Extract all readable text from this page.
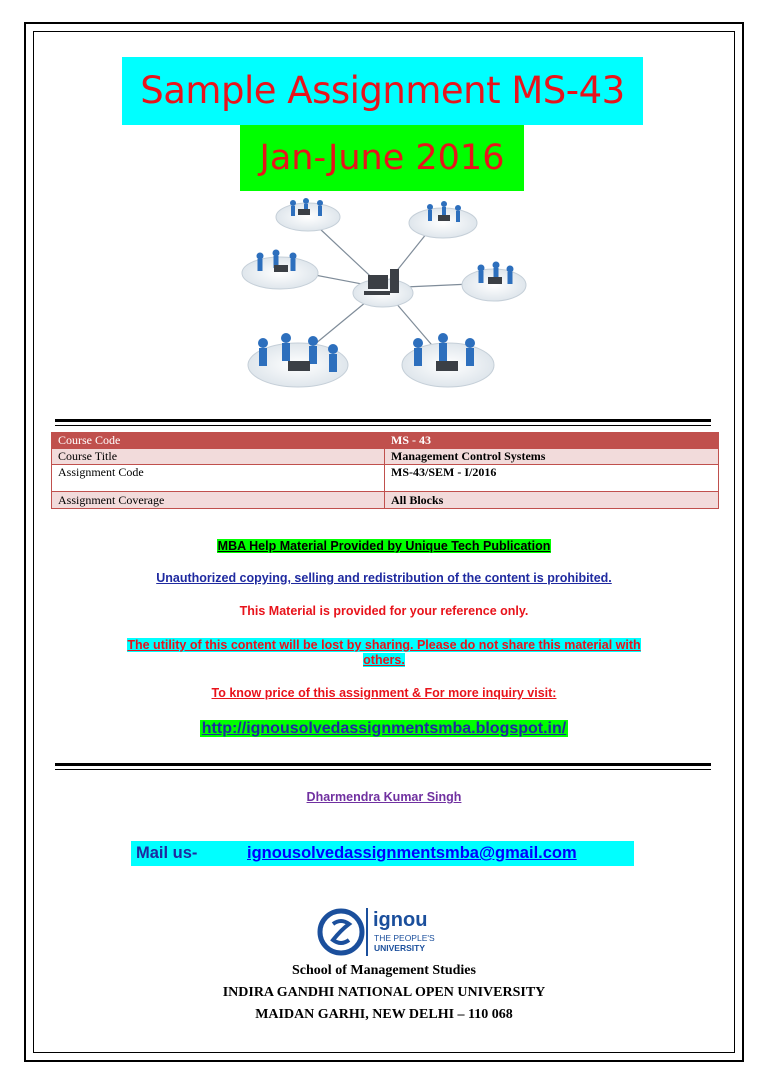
Sample Assignment MS-43
Jan-June 2016
Course Code	MS - 43
Course Title	Management Control Systems
Assignment Code	MS-43/SEM - I/2016
Assignment Coverage	All Blocks
MBA Help Material Provided by Unique Tech Publication
Unauthorized copying, selling and redistribution of the content is prohibited.
This Material is provided for your reference only.
The utility of this content will be lost by sharing. Please do not share this material with
others.
To know price of this assignment & For more inquiry visit:
http://ignousolvedassignmentsmba.blogspot.in/
Dharmendra Kumar Singh
Mail us-	ignousolvedassignmentsmba@gmail.com
ignou
THE PEOPLE'S
UNIVERSITY
School of Management Studies
INDIRA GANDHI NATIONAL OPEN UNIVERSITY
MAIDAN GARHI, NEW DELHI – 110 068
